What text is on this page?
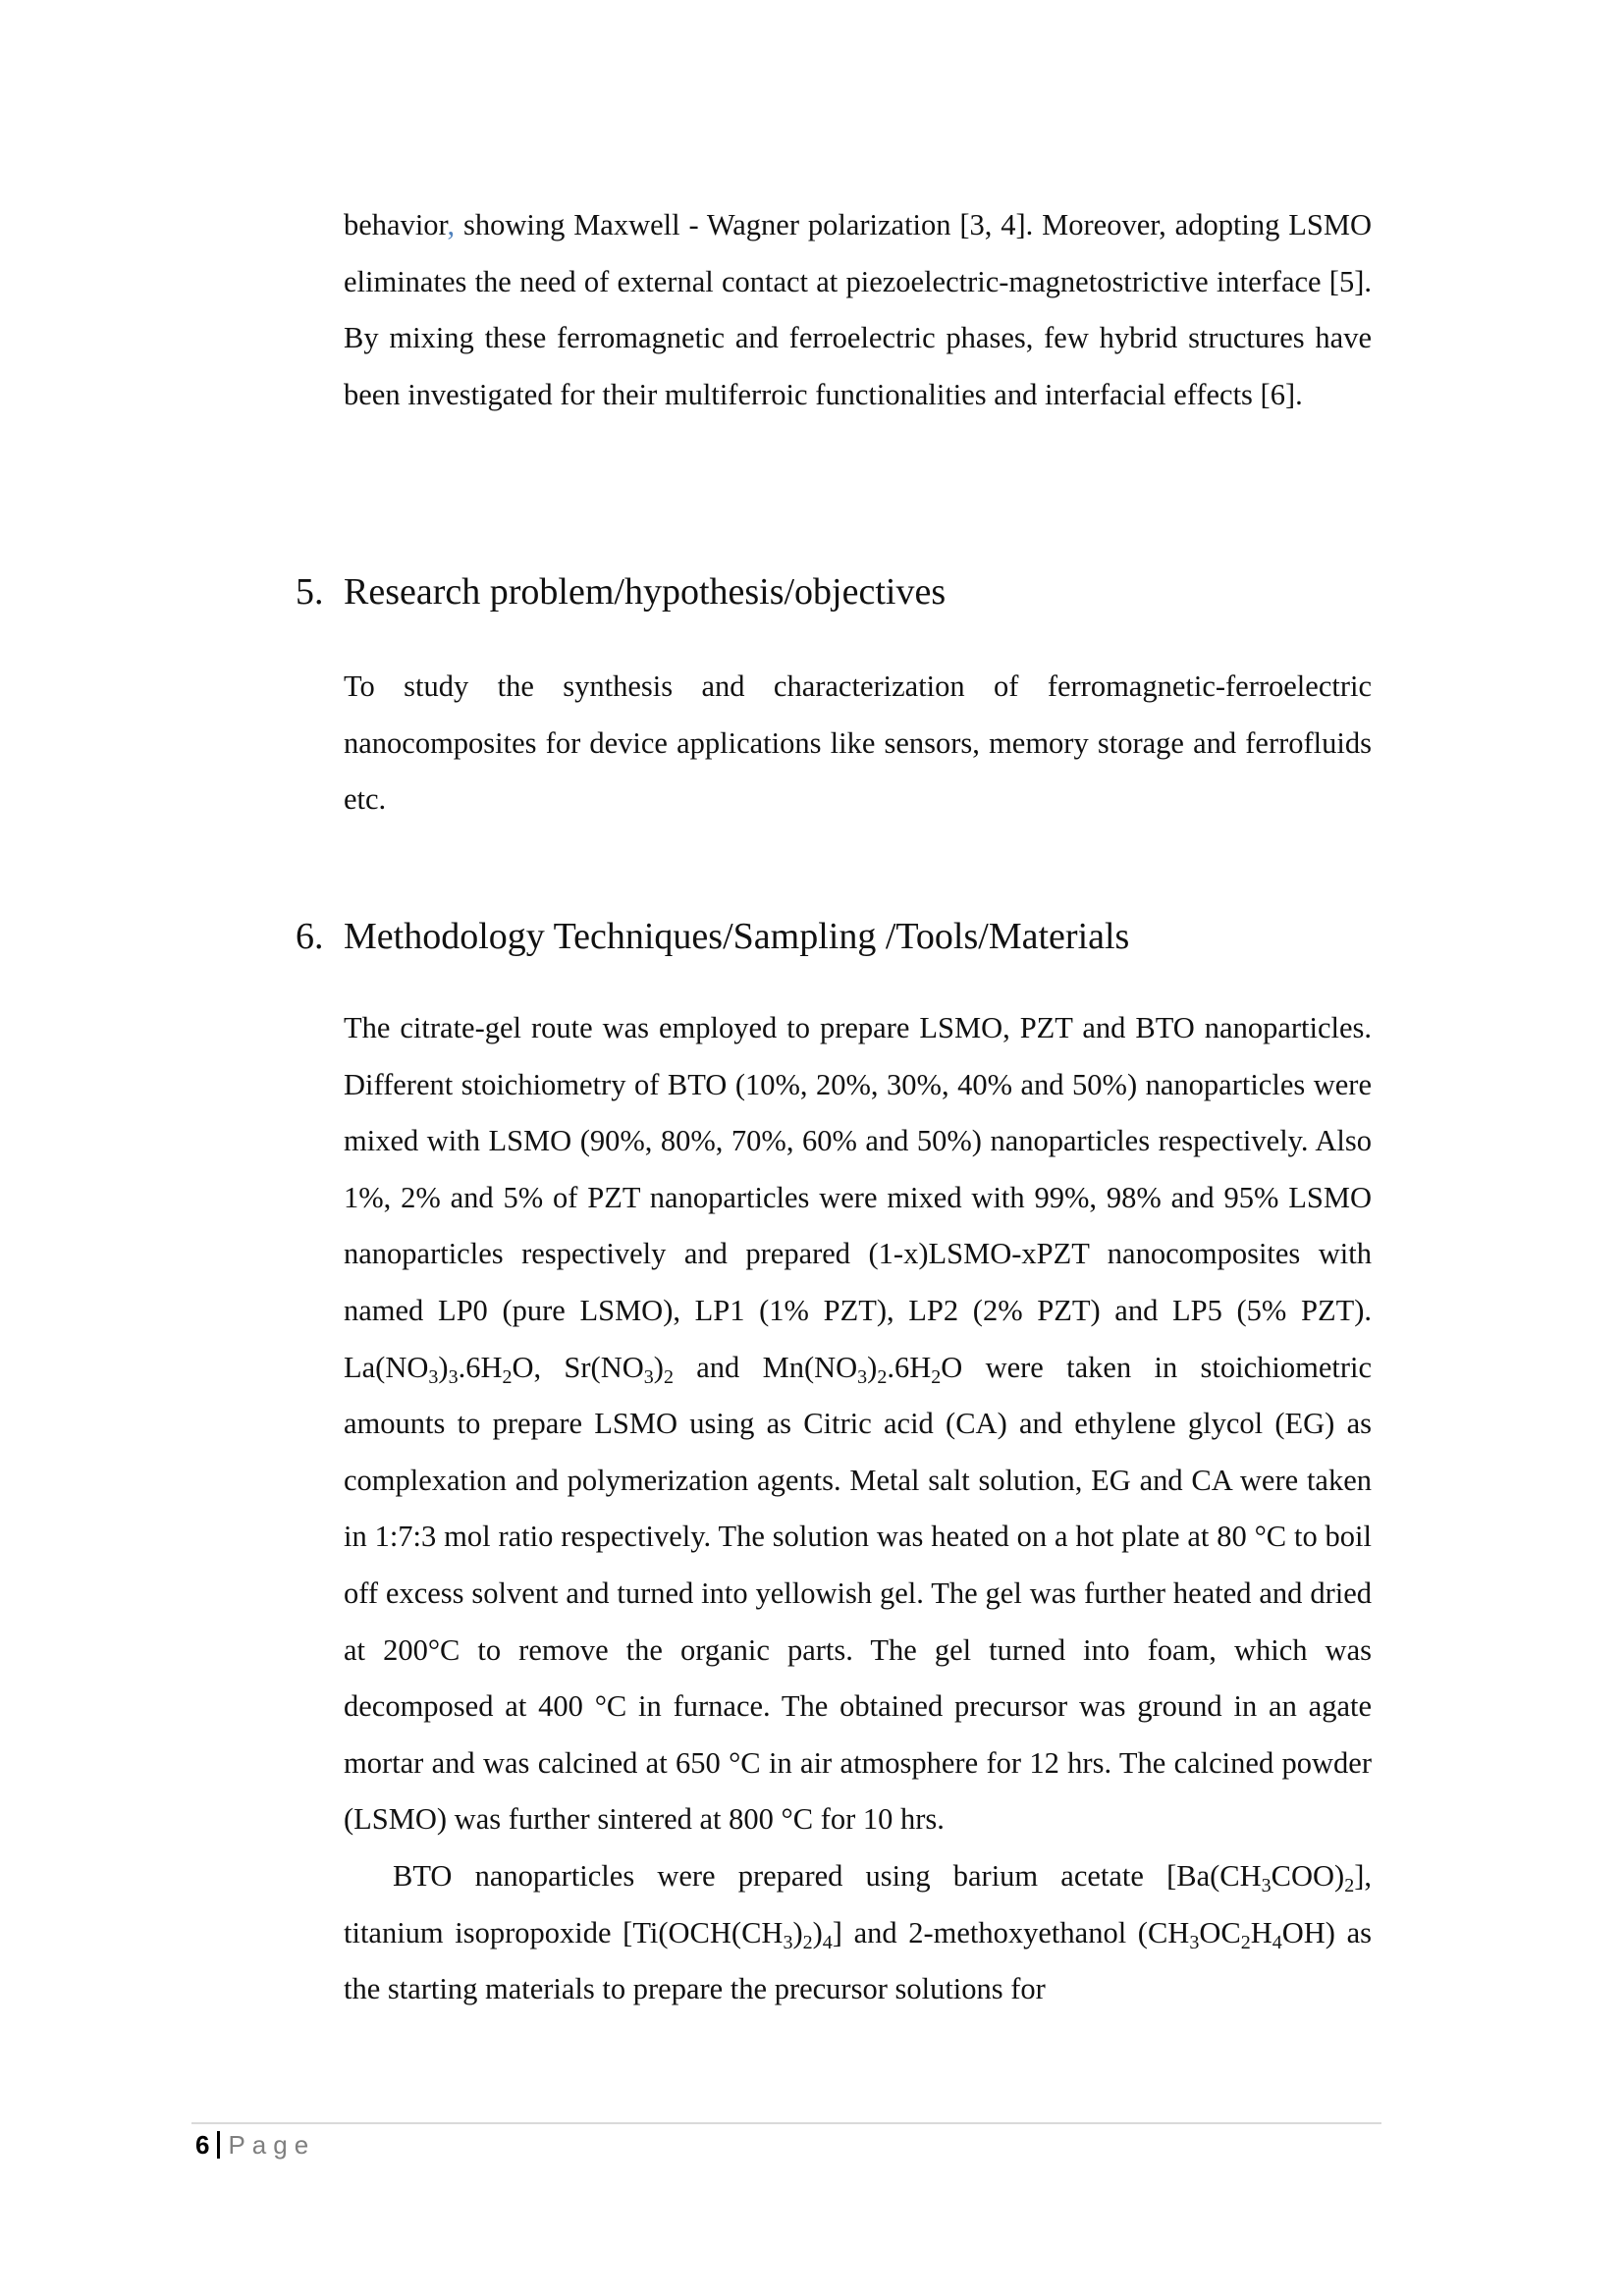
behavior, showing Maxwell - Wagner polarization [3, 4]. Moreover, adopting LSMO eliminates the need of external contact at piezoelectric-magnetostrictive interface [5]. By mixing these ferromagnetic and ferroelectric phases, few hybrid structures have been investigated for their multiferroic functionalities and interfacial effects [6].

5. Research problem/hypothesis/objectives

To study the synthesis and characterization of ferromagnetic-ferroelectric nanocomposites for device applications like sensors, memory storage and ferrofluids etc.

6. Methodology Techniques/Sampling /Tools/Materials

The citrate-gel route was employed to prepare LSMO, PZT and BTO nanoparticles. Different stoichiometry of BTO (10%, 20%, 30%, 40% and 50%) nanoparticles were mixed with LSMO (90%, 80%, 70%, 60% and 50%) nanoparticles respectively. Also 1%, 2% and 5% of PZT nanoparticles were mixed with 99%, 98% and 95% LSMO nanoparticles respectively and prepared (1-x)LSMO-xPZT nanocomposites with named LP0 (pure LSMO), LP1 (1% PZT), LP2 (2% PZT) and LP5 (5% PZT). $La(NO_3)_3.6H_2O$, $Sr(NO_3)_2$ and $Mn(NO_3)_2.6H_2O$ were taken in stoichiometric amounts to prepare LSMO using as Citric acid (CA) and ethylene glycol (EG) as complexation and polymerization agents. Metal salt solution, EG and CA were taken in 1:7:3 mol ratio respectively. The solution was heated on a hot plate at 80 °C to boil off excess solvent and turned into yellowish gel. The gel was further heated and dried at 200°C to remove the organic parts. The gel turned into foam, which was decomposed at 400 °C in furnace. The obtained precursor was ground in an agate mortar and was calcined at 650 °C in air atmosphere for 12 hrs. The calcined powder (LSMO) was further sintered at 800 °C for 10 hrs.

BTO nanoparticles were prepared using barium acetate $[Ba(CH_3COO)_2]$, titanium isopropoxide $[Ti(OCH(CH_3)_2)_4]$ and 2-methoxyethanol $(CH_3OC_2H_4OH)$ as the starting materials to prepare the precursor solutions for

6 Page
